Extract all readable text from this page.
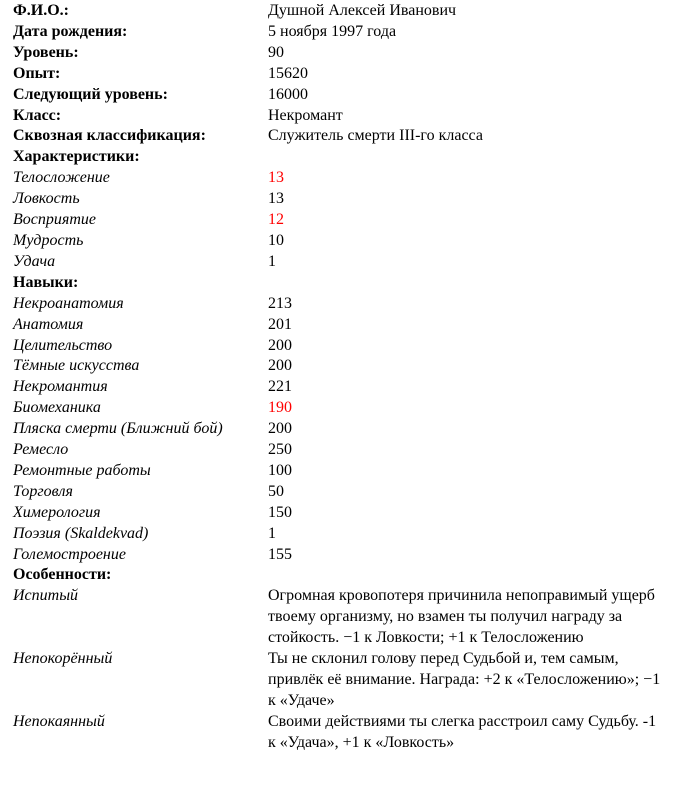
Ф.И.О.:	Душной Алексей Иванович
Дата рождения:	5 ноября 1997 года
Уровень:	90
Опыт:	15620
Следующий уровень:	16000
Класс:	Некромант
Сквозная классификация:	Служитель смерти III-го класса
Характеристики:
Телосложение	13
Ловкость	13
Восприятие	12
Мудрость	10
Удача	1
Навыки:
Некроанатомия	213
Анатомия	201
Целительство	200
Тёмные искусства	200
Некромантия	221
Биомеханика	190
Пляска смерти (Ближний бой)	200
Ремесло	250
Ремонтные работы	100
Торговля	50
Химерология	150
Поэзия (Skaldekvad)	1
Големостроение	155
Особенности:
Испитый	Огромная кровопотеря причинила непоправимый ущерб твоему организму, но взамен ты получил награду за стойкость. −1 к Ловкости; +1 к Телосложению
Непокорённый	Ты не склонил голову перед Судьбой и, тем самым, привлёк её внимание. Награда: +2 к «Телосложению»; −1 к «Удаче»
Непокаянный	Своими действиями ты слегка расстроил саму Судьбу. -1 к «Удача», +1 к «Ловкость»
